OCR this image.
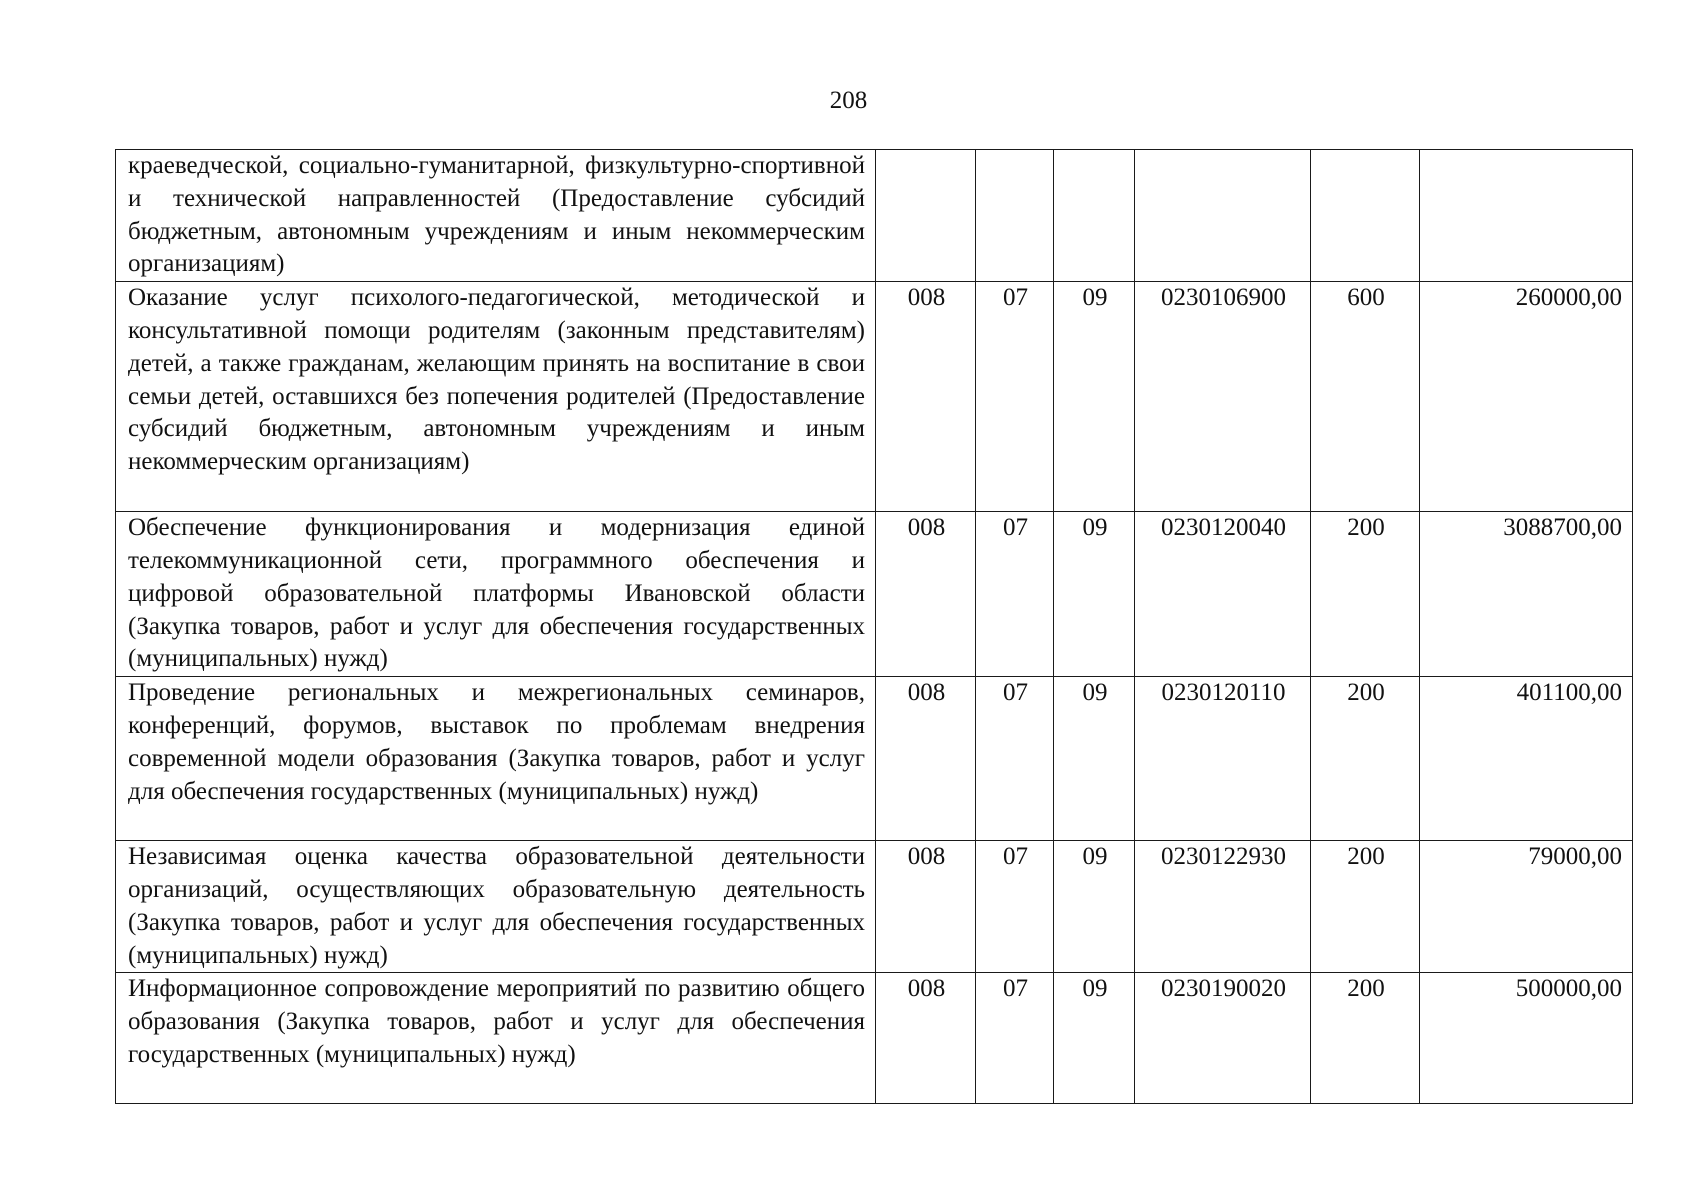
208
краеведческой, социально-гуманитарной, физкультурно-спортивной и технической направленностей (Предоставление субсидий бюджетным, автономным учреждениям и иным некоммерческим организациям)						
Оказание услуг психолого-педагогической, методической и консультативной помощи родителям (законным представителям) детей, а также гражданам, желающим принять на воспитание в свои семьи детей, оставшихся без попечения родителей (Предоставление субсидий бюджетным, автономным учреждениям и иным некоммерческим организациям)	008	07	09	0230106900	600	260000,00
Обеспечение функционирования и модернизация единой телекоммуникационной сети, программного обеспечения и цифровой образовательной платформы Ивановской области (Закупка товаров, работ и услуг для обеспечения государственных (муниципальных) нужд)	008	07	09	0230120040	200	3088700,00
Проведение региональных и межрегиональных семинаров, конференций, форумов, выставок по проблемам внедрения современной модели образования (Закупка товаров, работ и услуг для обеспечения государственных (муниципальных) нужд)	008	07	09	0230120110	200	401100,00
Независимая оценка качества образовательной деятельности организаций, осуществляющих образовательную деятельность (Закупка товаров, работ и услуг для обеспечения государственных (муниципальных) нужд)	008	07	09	0230122930	200	79000,00
Информационное сопровождение мероприятий по развитию общего образования (Закупка товаров, работ и услуг для обеспечения государственных (муниципальных) нужд)	008	07	09	0230190020	200	500000,00
